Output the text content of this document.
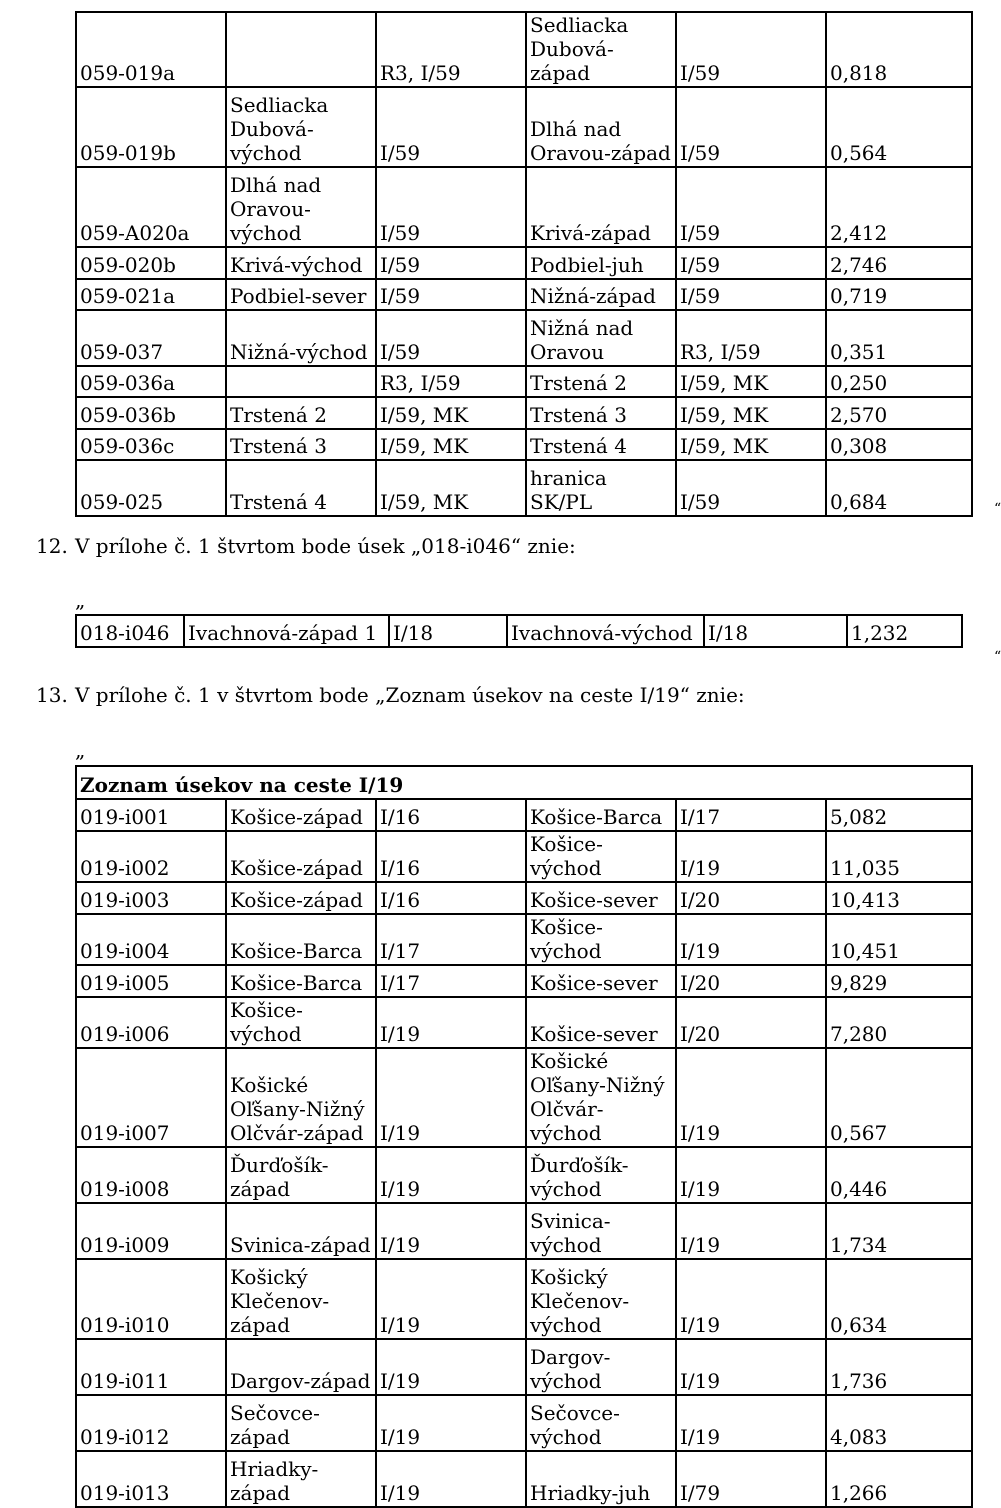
059-019a		R3, I/59	Sedliacka Dubová-západ	I/59	0,818
059-019b	Sedliacka Dubová-východ	I/59	Dlhá nad Oravou-západ	I/59	0,564
059-A020a	Dlhá nad Oravou-východ	I/59	Krivá-západ	I/59	2,412
059-020b	Krivá-východ	I/59	Podbiel-juh	I/59	2,746
059-021a	Podbiel-sever	I/59	Nižná-západ	I/59	0,719
059-037	Nižná-východ	I/59	Nižná nad Oravou	R3, I/59	0,351
059-036a		R3, I/59	Trstená 2	I/59, MK	0,250
059-036b	Trstená 2	I/59, MK	Trstená 3	I/59, MK	2,570
059-036c	Trstená 3	I/59, MK	Trstená 4	I/59, MK	0,308
059-025	Trstená 4	I/59, MK	hranica SK/PL	I/59	0,684	“
12. V prílohe č. 1 štvrtom bode úsek „018-i046“ znie:
„
018-i046	Ivachnová-západ 1	I/18	Ivachnová-východ	I/18	1,232
“
13. V prílohe č. 1 v štvrtom bode „Zoznam úsekov na ceste I/19“ znie:
„
Zoznam úsekov na ceste I/19					
019-i001	Košice-západ	I/16	Košice-Barca	I/17	5,082
019-i002	Košice-západ	I/16	Košice-východ	I/19	11,035
019-i003	Košice-západ	I/16	Košice-sever	I/20	10,413
019-i004	Košice-Barca	I/17	Košice-východ	I/19	10,451
019-i005	Košice-Barca	I/17	Košice-sever	I/20	9,829
019-i006	Košice-východ	I/19	Košice-sever	I/20	7,280
019-i007	Košické Oľšany-Nižný Olčvár-západ	I/19	Košické Oľšany-Nižný Olčvár-východ	I/19	0,567
019-i008	Ďurďošík-západ	I/19	Ďurďošík-východ	I/19	0,446
019-i009	Svinica-západ	I/19	Svinica-východ	I/19	1,734
019-i010	Košický Klečenov-západ	I/19	Košický Klečenov-východ	I/19	0,634
019-i011	Dargov-západ	I/19	Dargov-východ	I/19	1,736
019-i012	Sečovce-západ	I/19	Sečovce-východ	I/19	4,083
019-i013	Hriadky-západ	I/19	Hriadky-juh	I/79	1,266
